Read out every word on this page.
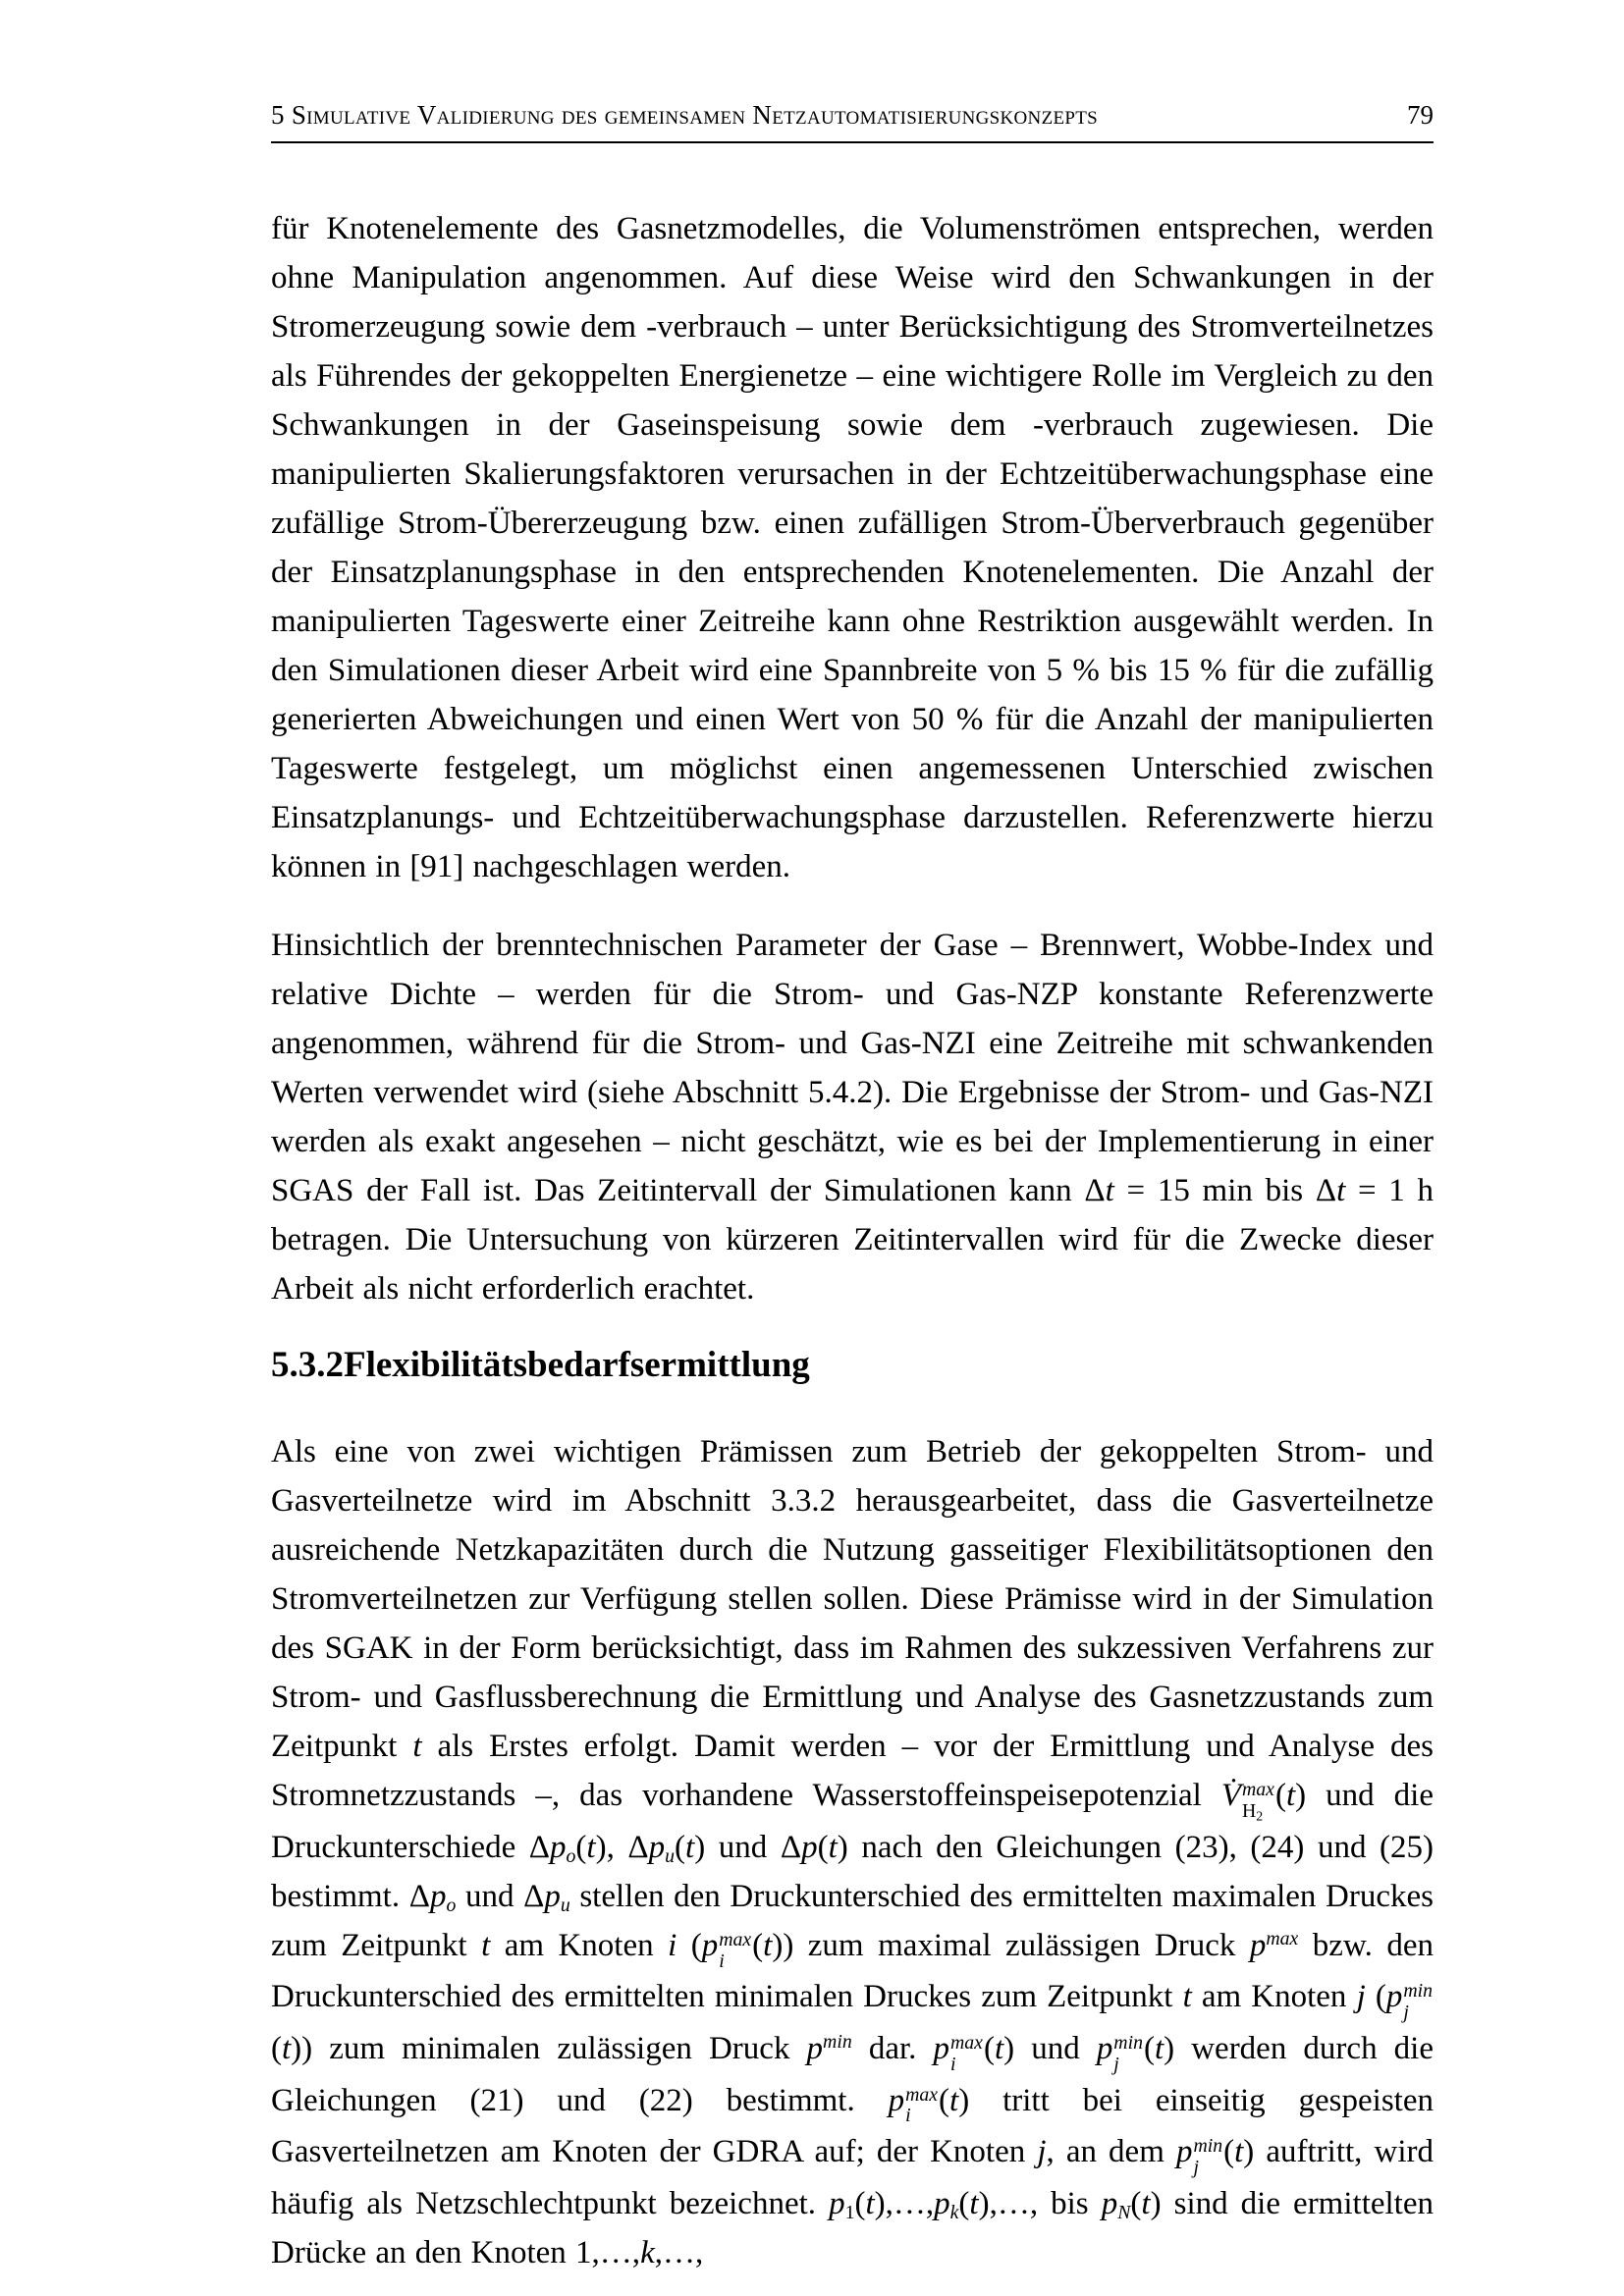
5 Simulative Validierung des gemeinsamen Netzautomatisierungskonzepts	79

für Knotenelemente des Gasnetzmodelles, die Volumenströmen entsprechen, werden ohne Manipulation angenommen. Auf diese Weise wird den Schwankungen in der Stromerzeugung sowie dem -verbrauch – unter Berücksichtigung des Stromverteilnetzes als Führendes der gekoppelten Energienetze – eine wichtigere Rolle im Vergleich zu den Schwankungen in der Gaseinspeisung sowie dem -verbrauch zugewiesen. Die manipulierten Skalierungsfaktoren verursachen in der Echtzeitüberwachungsphase eine zufällige Strom-Übererzeugung bzw. einen zufälligen Strom-Überverbrauch gegenüber der Einsatzplanungsphase in den entsprechenden Knotenelementen. Die Anzahl der manipulierten Tageswerte einer Zeitreihe kann ohne Restriktion ausgewählt werden. In den Simulationen dieser Arbeit wird eine Spannbreite von 5 % bis 15 % für die zufällig generierten Abweichungen und einen Wert von 50 % für die Anzahl der manipulierten Tageswerte festgelegt, um möglichst einen angemessenen Unterschied zwischen Einsatzplanungs- und Echtzeitüberwachungsphase darzustellen. Referenzwerte hierzu können in [91] nachgeschlagen werden.

Hinsichtlich der brenntechnischen Parameter der Gase – Brennwert, Wobbe-Index und relative Dichte – werden für die Strom- und Gas-NZP konstante Referenzwerte angenommen, während für die Strom- und Gas-NZI eine Zeitreihe mit schwankenden Werten verwendet wird (siehe Abschnitt 5.4.2). Die Ergebnisse der Strom- und Gas-NZI werden als exakt angesehen – nicht geschätzt, wie es bei der Implementierung in einer SGAS der Fall ist. Das Zeitintervall der Simulationen kann Δt = 15 min bis Δt = 1 h betragen. Die Untersuchung von kürzeren Zeitintervallen wird für die Zwecke dieser Arbeit als nicht erforderlich erachtet.

5.3.2Flexibilitätsbedarfsermittlung

Als eine von zwei wichtigen Prämissen zum Betrieb der gekoppelten Strom- und Gasverteilnetze wird im Abschnitt 3.3.2 herausgearbeitet, dass die Gasverteilnetze ausreichende Netzkapazitäten durch die Nutzung gasseitiger Flexibilitätsoptionen den Stromverteilnetzen zur Verfügung stellen sollen. Diese Prämisse wird in der Simulation des SGAK in der Form berücksichtigt, dass im Rahmen des sukzessiven Verfahrens zur Strom- und Gasflussberechnung die Ermittlung und Analyse des Gasnetzzustands zum Zeitpunkt t als Erstes erfolgt. Damit werden – vor der Ermittlung und Analyse des Stromnetzzustands –, das vorhandene Wasserstoffeinspeisepotenzial V̇ max
$H_2$
(t) und die Druckunterschiede $\Delta p_o(t)$, $\Delta p_u(t)$ und Δp(t) nach den Gleichungen (23), (24) und (25) bestimmt. $\Delta p_o$ und $\Delta p_u$ stellen den Druckunterschied des ermittelten maximalen Druckes zum Zeitpunkt t am Knoten i (p max
i (t)) zum maximal zulässigen Druck $p^{max}$ bzw. den Druckunterschied des ermittelten minimalen Druckes zum Zeitpunkt t am Knoten j (p min
j
(t)) zum minimalen zulässigen Druck $p^{min}$ dar. p max
i (t) und p min
j (t) werden durch die Gleichungen (21) und (22) bestimmt. p max
i (t) tritt bei einseitig gespeisten Gasverteilnetzen am Knoten der GDRA auf; der Knoten j, an dem p min
j (t) auftritt, wird häufig als Netzschlechtpunkt bezeichnet. $p_1(t),\dots,p_k(t),\dots$, bis $p_N(t)$ sind die ermittelten Drücke an den Knoten 1,…,k,…,
